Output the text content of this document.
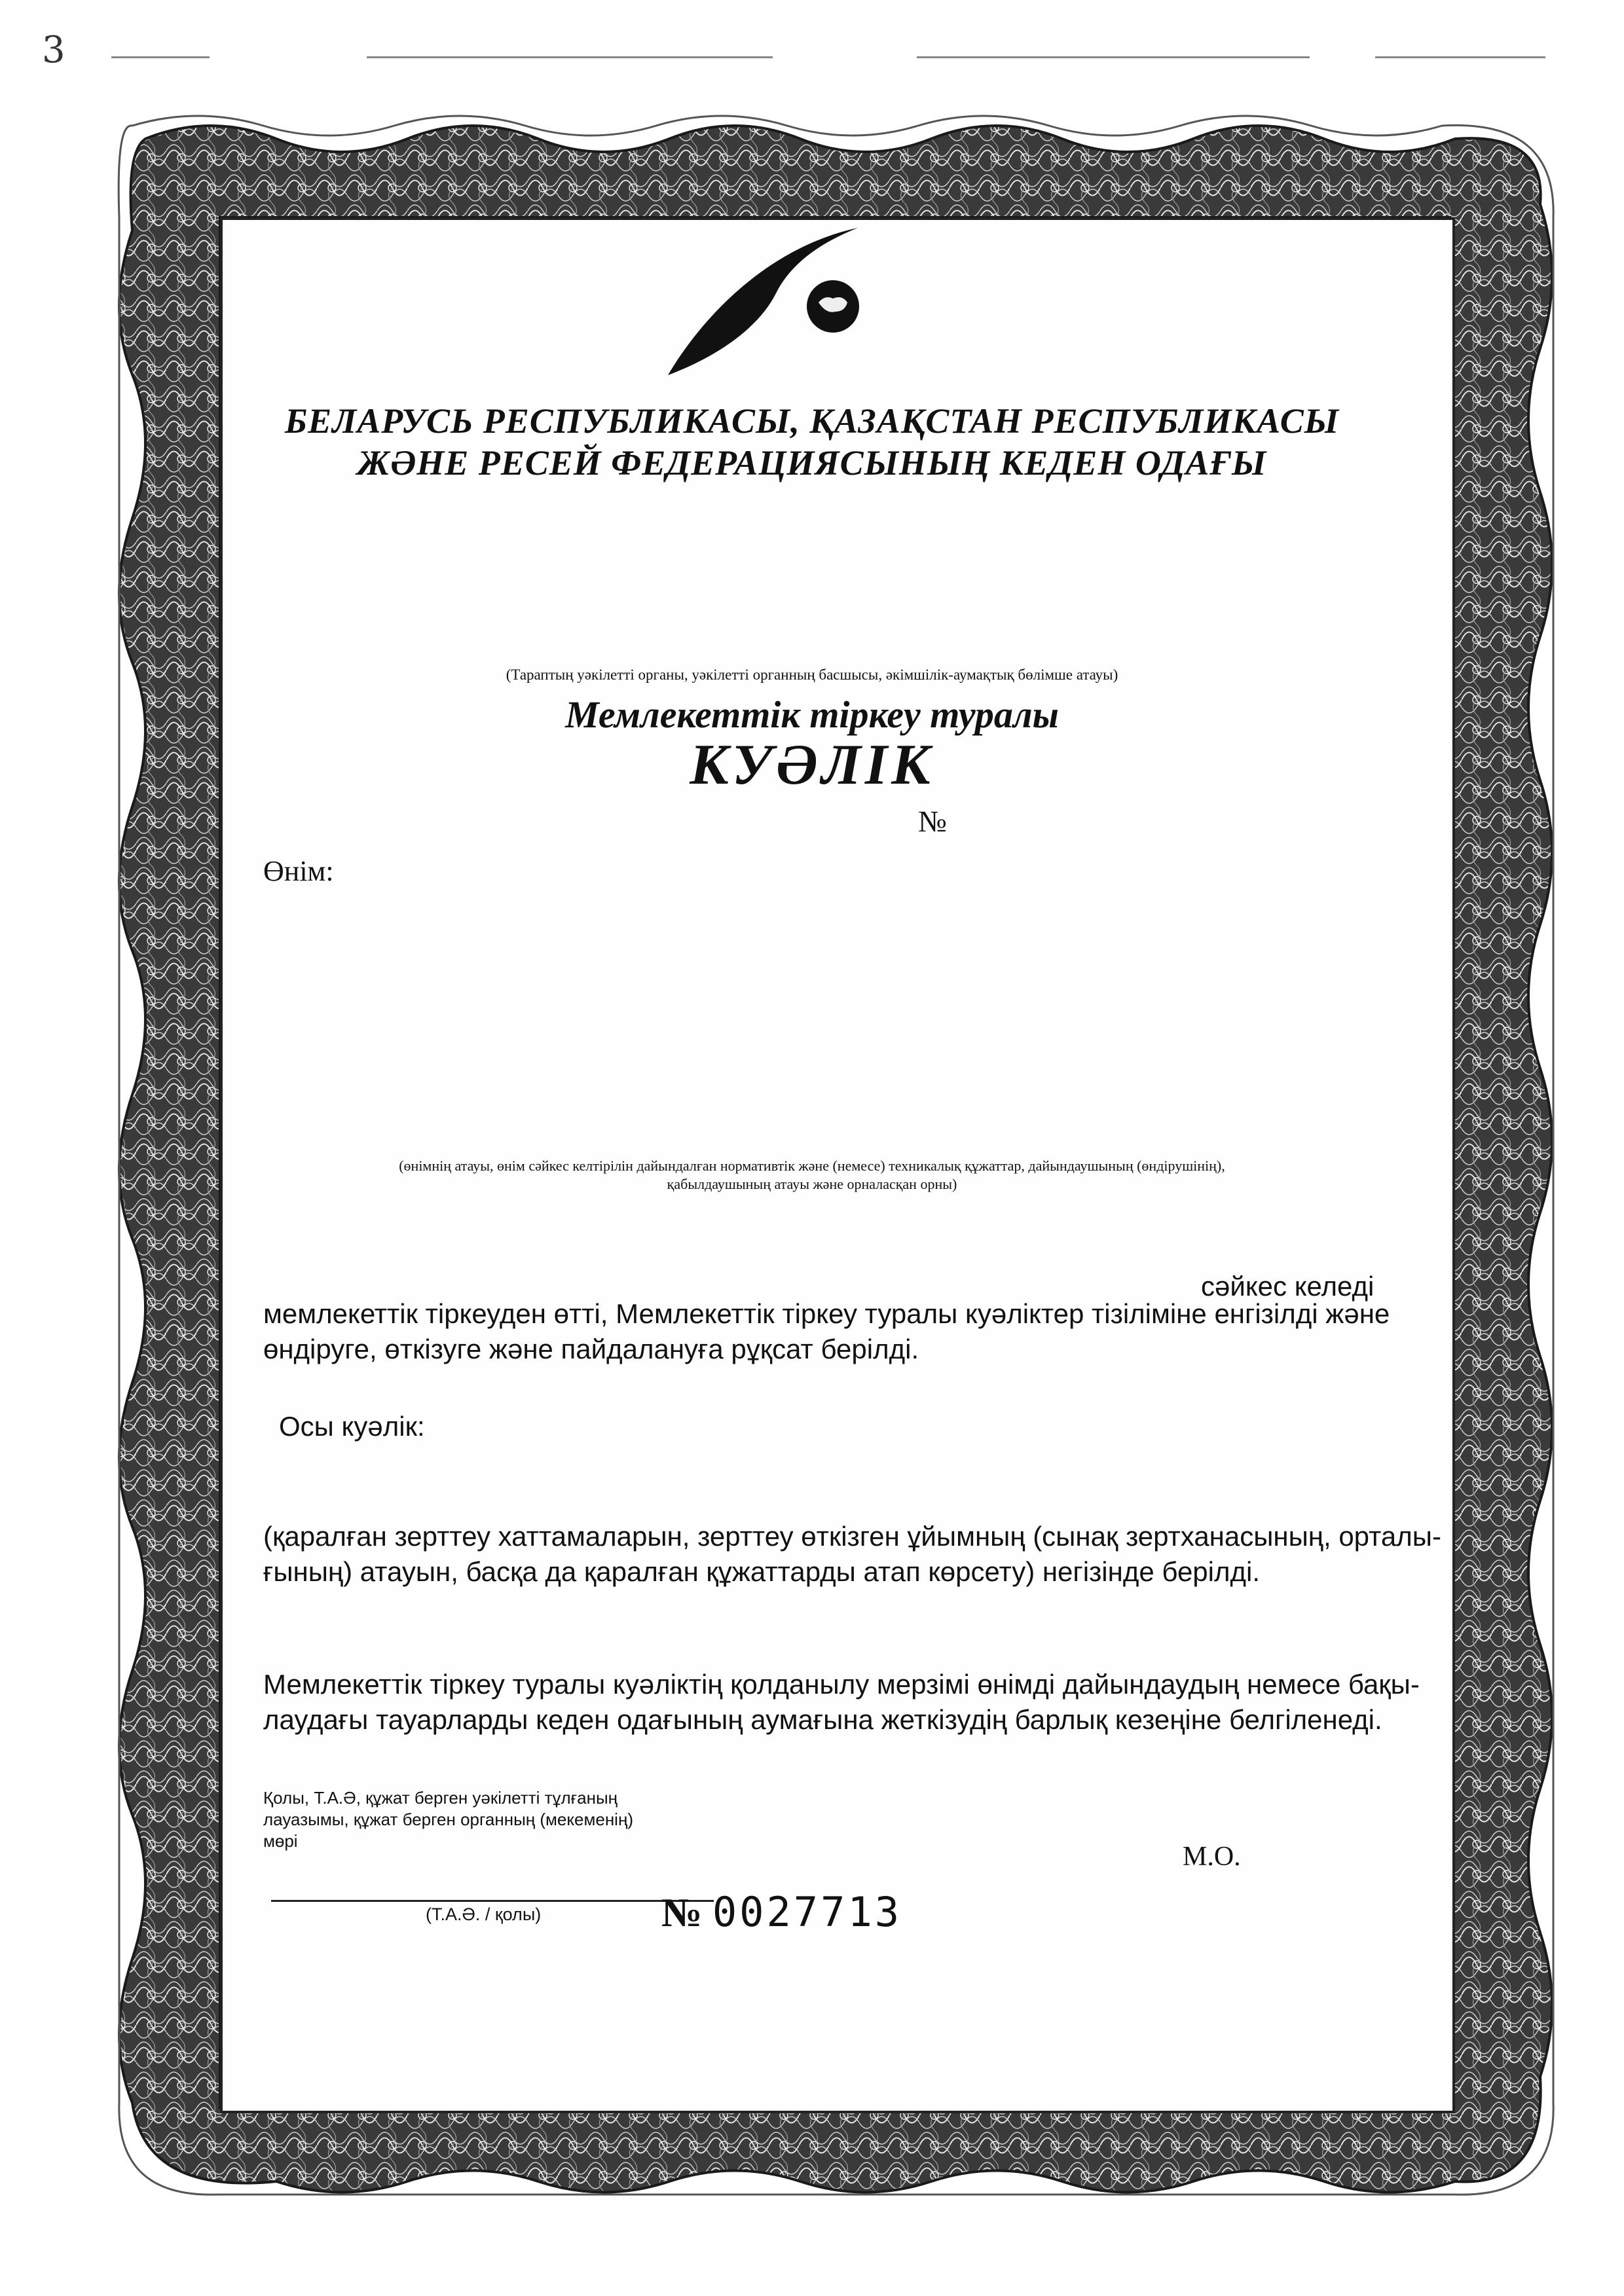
3
БЕЛАРУСЬ РЕСПУБЛИКАСЫ, ҚАЗАҚСТАН РЕСПУБЛИКАСЫ
ЖӘНЕ РЕСЕЙ ФЕДЕРАЦИЯСЫНЫҢ КЕДЕН ОДАҒЫ
(Тараптың уәкілетті органы, уәкілетті органның басшысы, әкімшілік-аумақтық бөлімше атауы)
Мемлекеттік тіркеу туралы
КУӘЛІК
№
Өнім:
(өнімнің атауы, өнім сәйкес келтірілін дайындалған нормативтік және (немесе) техникалық құжаттар, дайындаушының (өндірушінің),
қабылдаушының атауы және орналасқан орны)
сәйкес келеді
мемлекеттік тіркеуден өтті, Мемлекеттік тіркеу туралы куәліктер тізіліміне енгізілді және
өндіруге, өткізуге және пайдалануға рұқсат берілді.
Осы куәлік:
(қаралған зерттеу хаттамаларын, зерттеу өткізген ұйымның (сынақ зертханасының, орталы-
ғының) атауын, басқа да қаралған құжаттарды атап көрсету) негізінде берілді.
Мемлекеттік тіркеу туралы куәліктің қолданылу мерзімі өнімді дайындаудың немесе бақы-
лаудағы тауарларды кеден одағының аумағына жеткізудің барлық кезеңіне белгіленеді.
Қолы, Т.А.Ә, құжат берген уәкілетті тұлғаның
лауазымы, құжат берген органның (мекеменің)
мөрі
М.О.
(Т.А.Ә. / қолы)	№ 0027713
